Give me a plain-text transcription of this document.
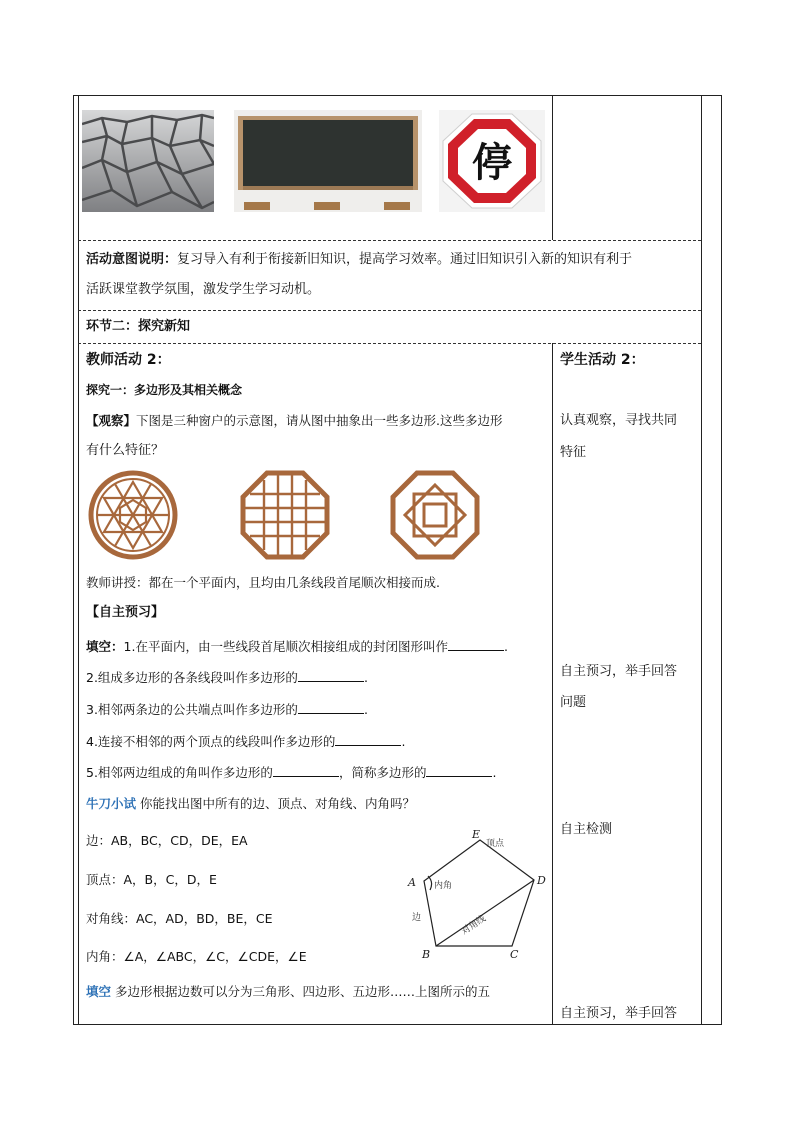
停
活动意图说明：复习导入有利于衔接新旧知识，提高学习效率。通过旧知识引入新的知识有利于
活跃课堂教学氛围，激发学生学习动机。
环节二：探究新知
教师活动 2：
探究一：多边形及其相关概念
【观察】下图是三种窗户的示意图，请从图中抽象出一些多边形.这些多边形
有什么特征？
教师讲授：都在一个平面内，且均由几条线段首尾顺次相接而成.
【自主预习】
填空：1.在平面内，由一些线段首尾顺次相接组成的封闭图形叫作	.
2.组成多边形的各条线段叫作多边形的	.
3.相邻两条边的公共端点叫作多边形的	.
4.连接不相邻的两个顶点的线段叫作多边形的	.
5.相邻两边组成的角叫作多边形的	，简称多边形的	.
牛刀小试 你能找出图中所有的边、顶点、对角线、内角吗？
边：AB，BC，CD，DE，EA
顶点：A，B，C，D，E
对角线：AC，AD，BD，BE，CE
内角：∠A，∠ABC，∠C，∠CDE，∠E
填空 多边形根据边数可以分为三角形、四边形、五边形……上图所示的五
E
A	D
B	C
顶点
内角
边	对角线
学生活动 2：
认真观察，寻找共同
特征
自主预习，举手回答
问题
自主检测
自主预习，举手回答
